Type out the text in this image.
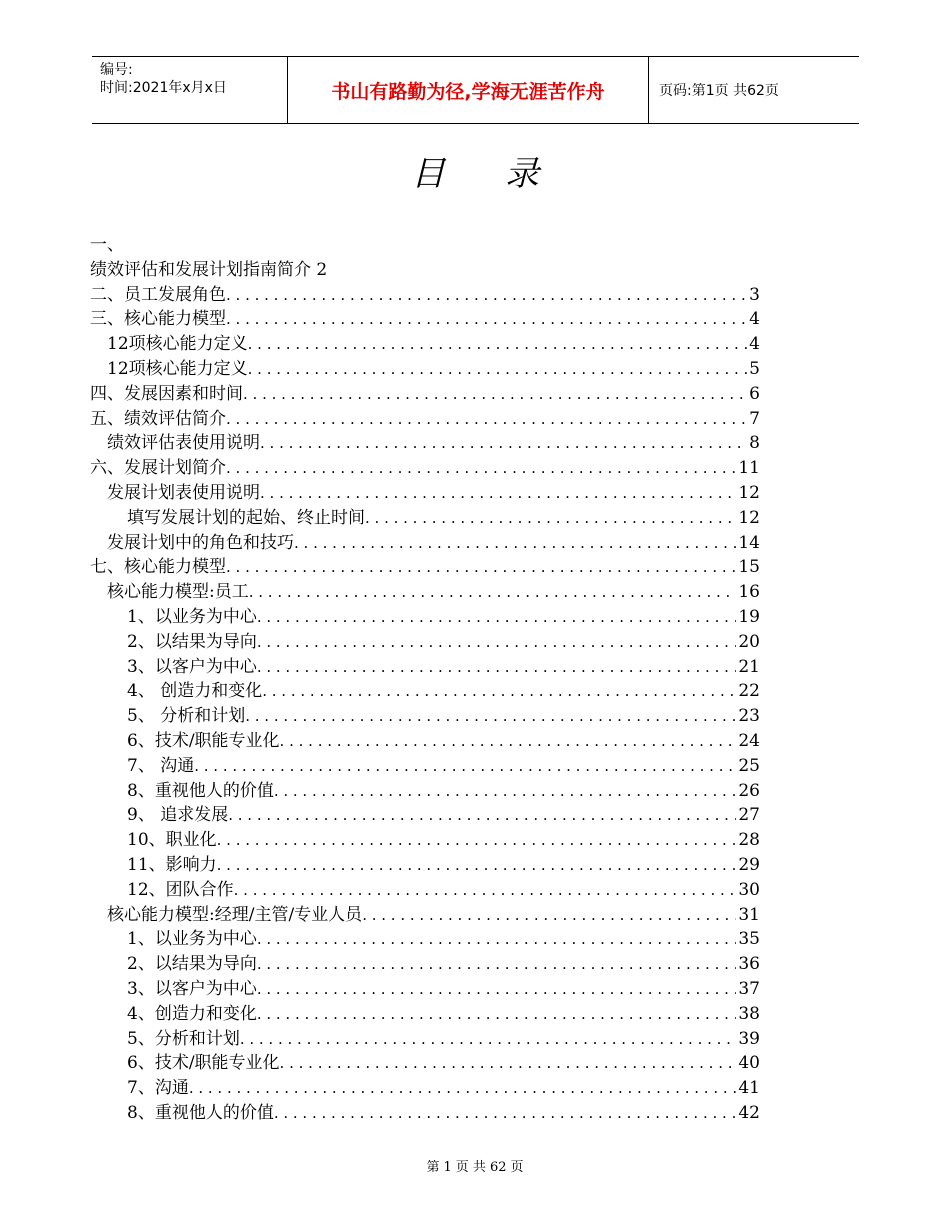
编号:
时间:2021年x月x日	书山有路勤为径,学海无涯苦作舟	页码:第1页 共62页
目录
一、
绩效评估和发展计划指南简介 2
二、员工发展角色 . . .	3
三、核心能力模型 . . .	4
12项核心能力定义 . . .	4
12项核心能力定义 . . .	5
四、发展因素和时间 . . .	6
五、绩效评估简介 . . .	7
绩效评估表使用说明 . . .	8
六、发展计划简介 . . .	11
发展计划表使用说明 . . .	12
填写发展计划的起始、终止时间 . . .	12
发展计划中的角色和技巧 . . .	14
七、核心能力模型 . . .	15
核心能力模型:员工 . . .	16
1、以业务为中心 . . .	19
2、以结果为导向 . . .	20
3、以客户为中心 . . .	21
4、 创造力和变化 . . .	22
5、 分析和计划 . . .	23
6、技术/职能专业化 . . .	24
7、 沟通 . . .	25
8、重视他人的价值 . . .	26
9、 追求发展 . . .	27
10、职业化 . . .	28
11、影响力 . . .	29
12、团队合作 . . .	30
核心能力模型:经理/主管/专业人员 . . .	31
1、以业务为中心 . . .	35
2、以结果为导向 . . .	36
3、以客户为中心 . . .	37
4、创造力和变化 . . .	38
5、分析和计划 . . .	39
6、技术/职能专业化 . . .	40
7、沟通 . . .	41
8、重视他人的价值 . . .	42
第 1 页 共 62 页
